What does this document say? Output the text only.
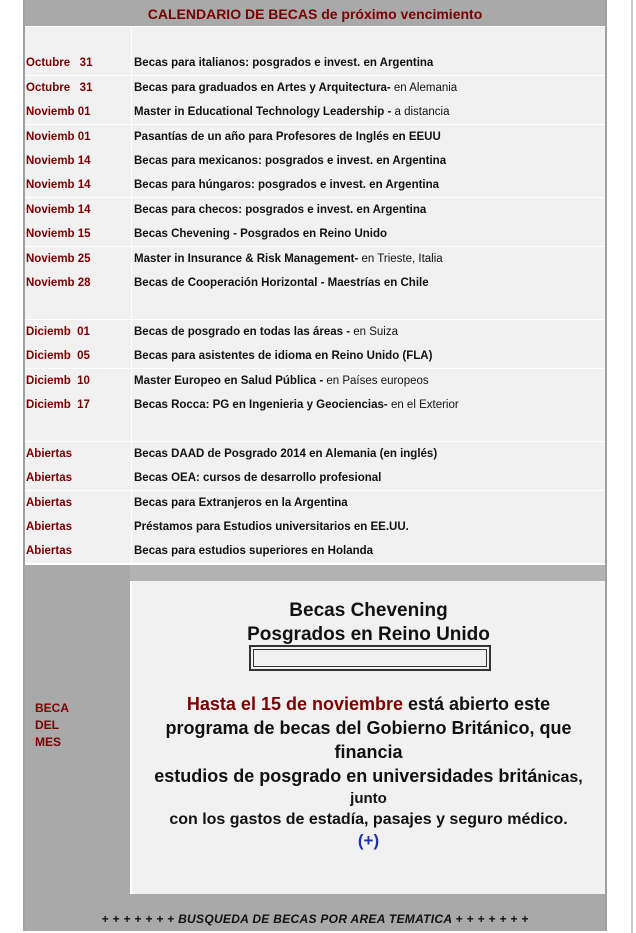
CALENDARIO DE BECAS de próximo vencimiento
Octubre   31	Becas para italianos: posgrados e invest. en Argentina
Octubre   31	Becas para graduados en Artes y Arquitectura- en Alemania
Noviemb 01	Master in Educational Technology Leadership - a distancia
Noviemb 01	Pasantías de un año para Profesores de Inglés en EEUU
Noviemb 14	Becas para mexicanos: posgrados e invest. en Argentina
Noviemb 14	Becas para húngaros: posgrados e invest. en Argentina
Noviemb 14	Becas para checos: posgrados e invest. en Argentina
Noviemb 15	Becas Chevening - Posgrados en Reino Unido
Noviemb 25	Master in Insurance & Risk Management- en Trieste, Italia
Noviemb 28	Becas de Cooperación Horizontal - Maestrías en Chile
Diciemb  01	Becas de posgrado en todas las áreas - en Suiza
Diciemb  05	Becas para asistentes de idioma en Reino Unido (FLA)
Diciemb  10	Master Europeo en Salud Pública - en Países europeos
Diciemb  17	Becas Rocca: PG en Ingenieria y Geociencias- en el Exterior
Abiertas	Becas DAAD de Posgrado 2014 en Alemania (en inglés)
Abiertas	Becas OEA: cursos de desarrollo profesional
Abiertas	Becas para Extranjeros en la Argentina
Abiertas	Préstamos para Estudios universitarios en EE.UU.
Abiertas	Becas para estudios superiores en Holanda
BECA
DEL
MES
Becas Chevening
Posgrados en Reino Unido
Hasta el 15 de noviembre está abierto este
programa de becas del Gobierno Británico, que
financia
estudios de posgrado en universidades británicas,
junto
con los gastos de estadía, pasajes y seguro médico.
(+)
+ + + + + + + BUSQUEDA DE BECAS POR AREA TEMATICA + + + + + + +
